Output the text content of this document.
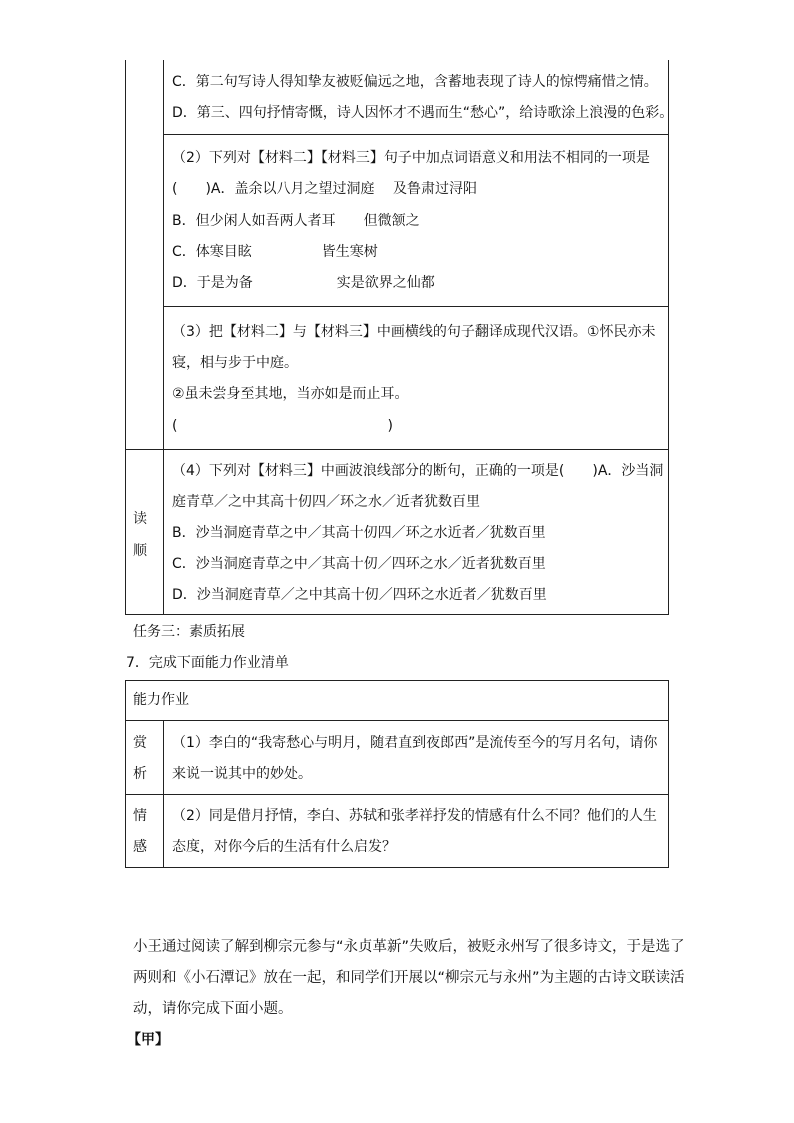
C．第二句写诗人得知挚友被贬偏远之地，含蓄地表现了诗人的惊愕痛惜之情。
D．第三、四句抒情寄慨，诗人因怀才不遇而生“愁心”，给诗歌涂上浪漫的色彩。
（2）下列对【材料二】【材料三】句子中加点词语意义和用法不相同的一项是
(　　)A．盖余以八月之望过洞庭　 及鲁肃过浔阳
B．但少闲人如吾两人者耳　　但微颔之
C．体寒目眩　　　　　皆生寒树
D．于是为备　　　　　　实是欲界之仙都
（3）把【材料二】与【材料三】中画横线的句子翻译成现代汉语。①怀民亦未
寝，相与步于中庭。
②虽未尝身至其地，当亦如是而止耳。
(　　　　　　　　　　　　　　　)
读
顺
（4）下列对【材料三】中画波浪线部分的断句，正确的一项是(　　)A．沙当洞
庭青草／之中其高十仞四／环之水／近者犹数百里
B．沙当洞庭青草之中／其高十仞四／环之水近者／犹数百里
C．沙当洞庭青草之中／其高十仞／四环之水／近者犹数百里
D．沙当洞庭青草／之中其高十仞／四环之水近者／犹数百里
任务三：素质拓展
7．完成下面能力作业清单
能力作业
赏
析
（1）李白的“我寄愁心与明月，随君直到夜郎西”是流传至今的写月名句，请你
来说一说其中的妙处。
情
感
（2）同是借月抒情，李白、苏轼和张孝祥抒发的情感有什么不同？他们的人生
态度，对你今后的生活有什么启发？
小王通过阅读了解到柳宗元参与“永贞革新”失败后，被贬永州写了很多诗文，于是选了
两则和《小石潭记》放在一起，和同学们开展以“柳宗元与永州”为主题的古诗文联读活
动，请你完成下面小题。
【甲】
